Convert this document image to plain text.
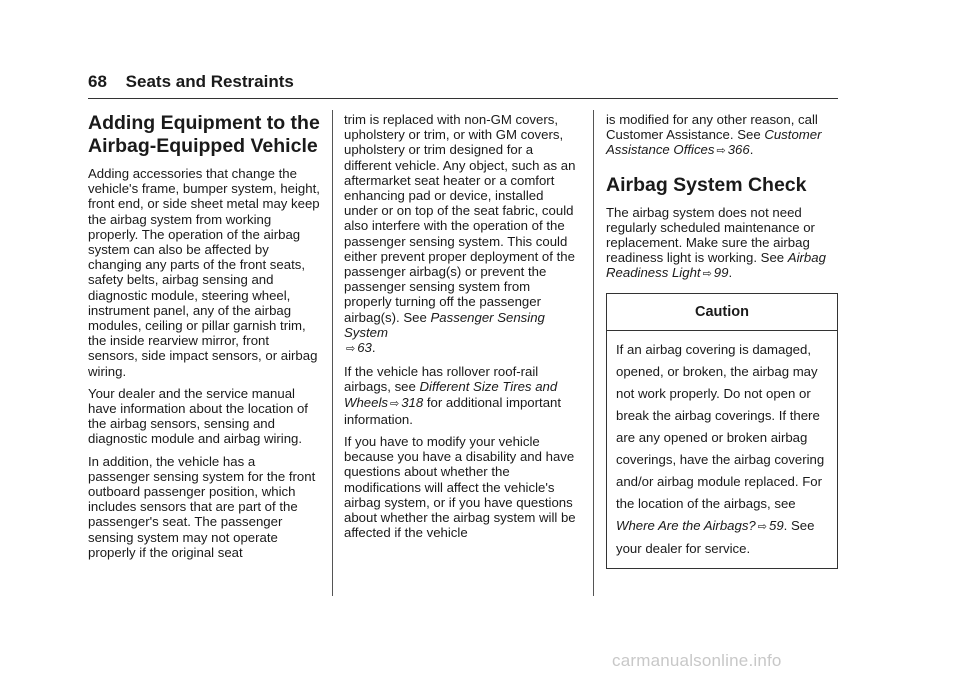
68 Seats and Restraints
Adding Equipment to the Airbag-Equipped Vehicle

Adding accessories that change the vehicle's frame, bumper system, height, front end, or side sheet metal may keep the airbag system from working properly. The operation of the airbag system can also be affected by changing any parts of the front seats, safety belts, airbag sensing and diagnostic module, steering wheel, instrument panel, any of the airbag modules, ceiling or pillar garnish trim, the inside rearview mirror, front sensors, side impact sensors, or airbag wiring.

Your dealer and the service manual have information about the location of the airbag sensors, sensing and diagnostic module and airbag wiring.

In addition, the vehicle has a passenger sensing system for the front outboard passenger position, which includes sensors that are part of the passenger's seat. The passenger sensing system may not operate properly if the original seat

trim is replaced with non-GM covers, upholstery or trim, or with GM covers, upholstery or trim designed for a different vehicle. Any object, such as an aftermarket seat heater or a comfort enhancing pad or device, installed under or on top of the seat fabric, could also interfere with the operation of the passenger sensing system. This could either prevent proper deployment of the passenger airbag(s) or prevent the passenger sensing system from properly turning off the passenger airbag(s). See Passenger Sensing System
⇨ 63.

If the vehicle has rollover roof-rail airbags, see Different Size Tires and Wheels ⇨ 318 for additional important information.

If you have to modify your vehicle because you have a disability and have questions about whether the modifications will affect the vehicle's airbag system, or if you have questions about whether the airbag system will be affected if the vehicle

is modified for any other reason, call Customer Assistance. See Customer Assistance Offices ⇨ 366.

Airbag System Check

The airbag system does not need regularly scheduled maintenance or replacement. Make sure the airbag readiness light is working. See Airbag Readiness Light ⇨ 99.

Caution
If an airbag covering is damaged, opened, or broken, the airbag may not work properly. Do not open or break the airbag coverings. If there are any opened or broken airbag coverings, have the airbag covering and/or airbag module replaced. For the location of the airbags, see Where Are the Airbags? ⇨ 59. See your dealer for service.
carmanualsonline.info
